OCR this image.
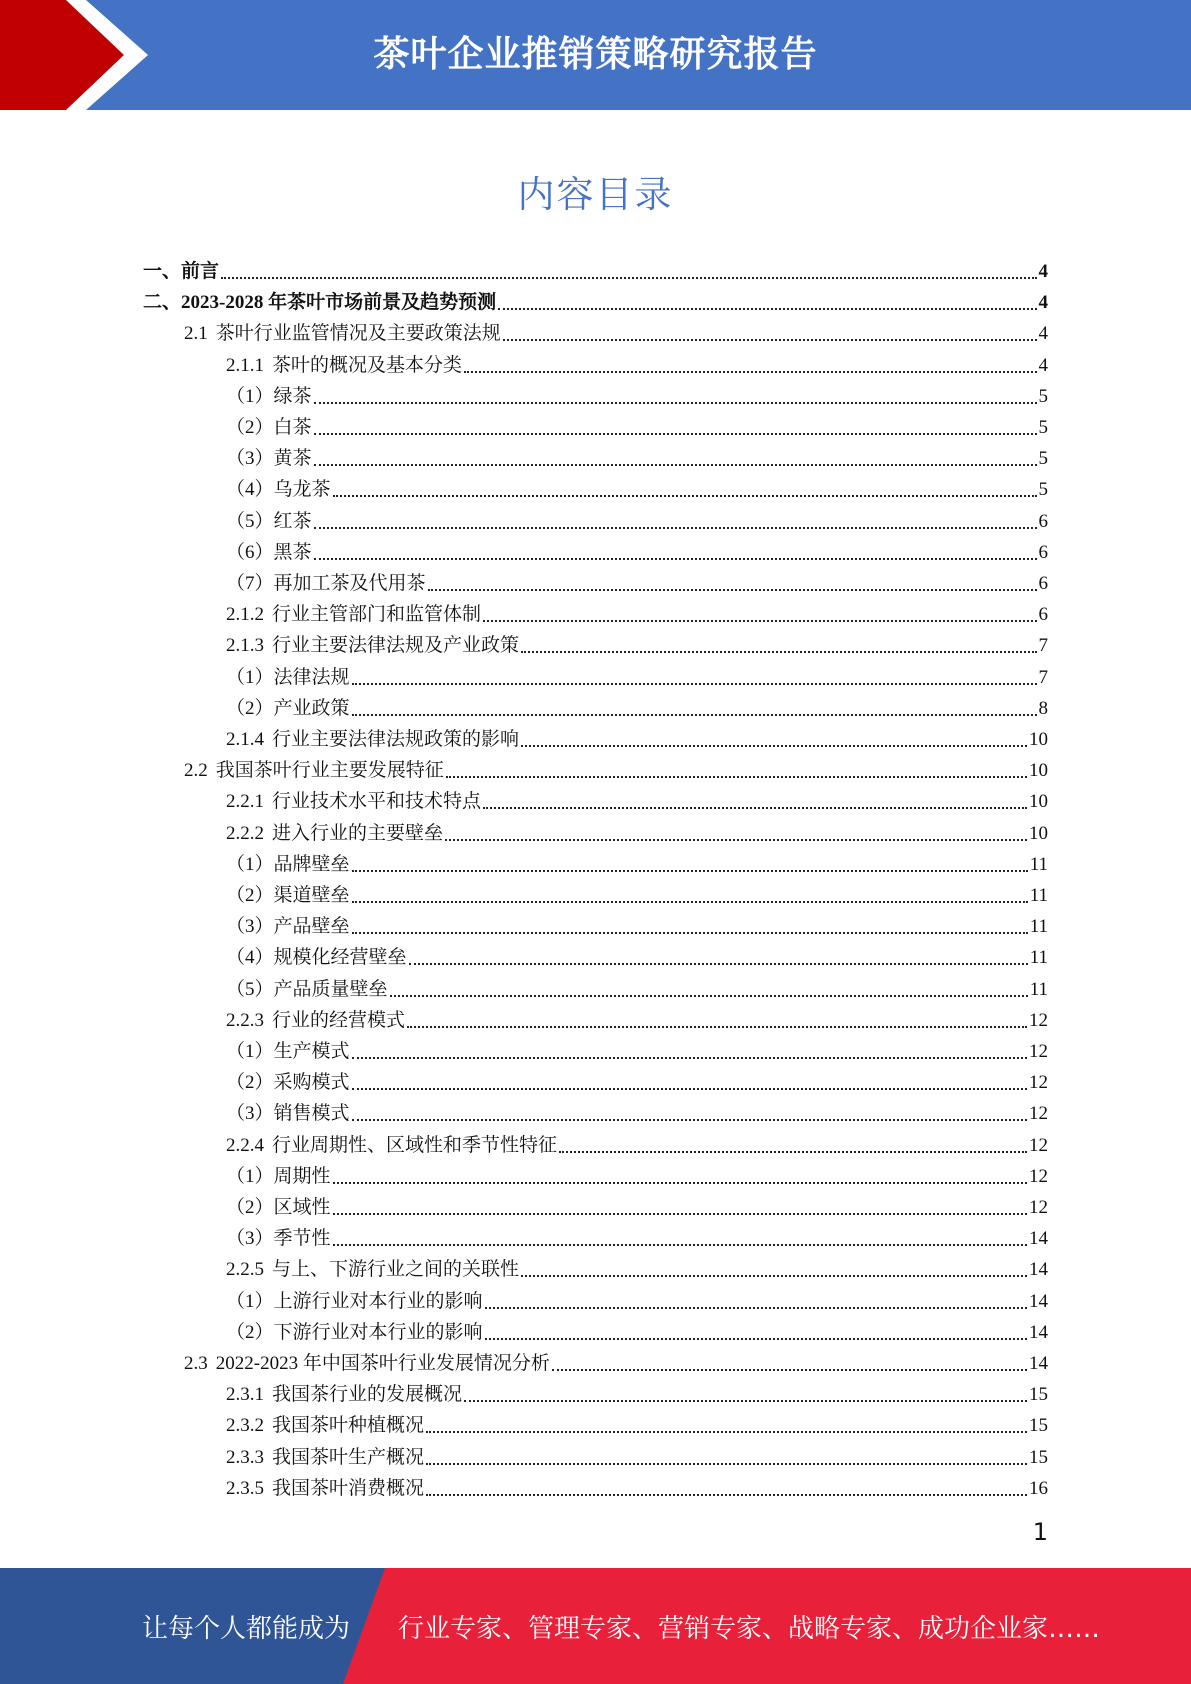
茶叶企业推销策略研究报告
内容目录
一、前言	4
二、2023-2028 年茶叶市场前景及趋势预测	4
2.1 茶叶行业监管情况及主要政策法规	4
2.1.1 茶叶的概况及基本分类	4
（1） 绿茶	5
（2） 白茶	5
（3） 黄茶	5
（4） 乌龙茶	5
（5） 红茶	6
（6） 黑茶	6
（7） 再加工茶及代用茶	6
2.1.2 行业主管部门和监管体制	6
2.1.3 行业主要法律法规及产业政策	7
（1） 法律法规	7
（2） 产业政策	8
2.1.4 行业主要法律法规政策的影响	10
2.2 我国茶叶行业主要发展特征	10
2.2.1 行业技术水平和技术特点	10
2.2.2 进入行业的主要壁垒	10
（1） 品牌壁垒	11
（2） 渠道壁垒	11
（3） 产品壁垒	11
（4） 规模化经营壁垒	11
（5） 产品质量壁垒	11
2.2.3 行业的经营模式	12
（1） 生产模式	12
（2） 采购模式	12
（3） 销售模式	12
2.2.4 行业周期性、区域性和季节性特征	12
（1） 周期性	12
（2） 区域性	12
（3） 季节性	14
2.2.5 与上、下游行业之间的关联性	14
（1） 上游行业对本行业的影响	14
（2） 下游行业对本行业的影响	14
2.3 2022-2023 年中国茶叶行业发展情况分析	14
2.3.1 我国茶行业的发展概况	15
2.3.2 我国茶叶种植概况	15
2.3.3 我国茶叶生产概况	15
2.3.5 我国茶叶消费概况	16
1
让每个人都能成为 行业专家、管理专家、营销专家、战略专家、成功企业家……
